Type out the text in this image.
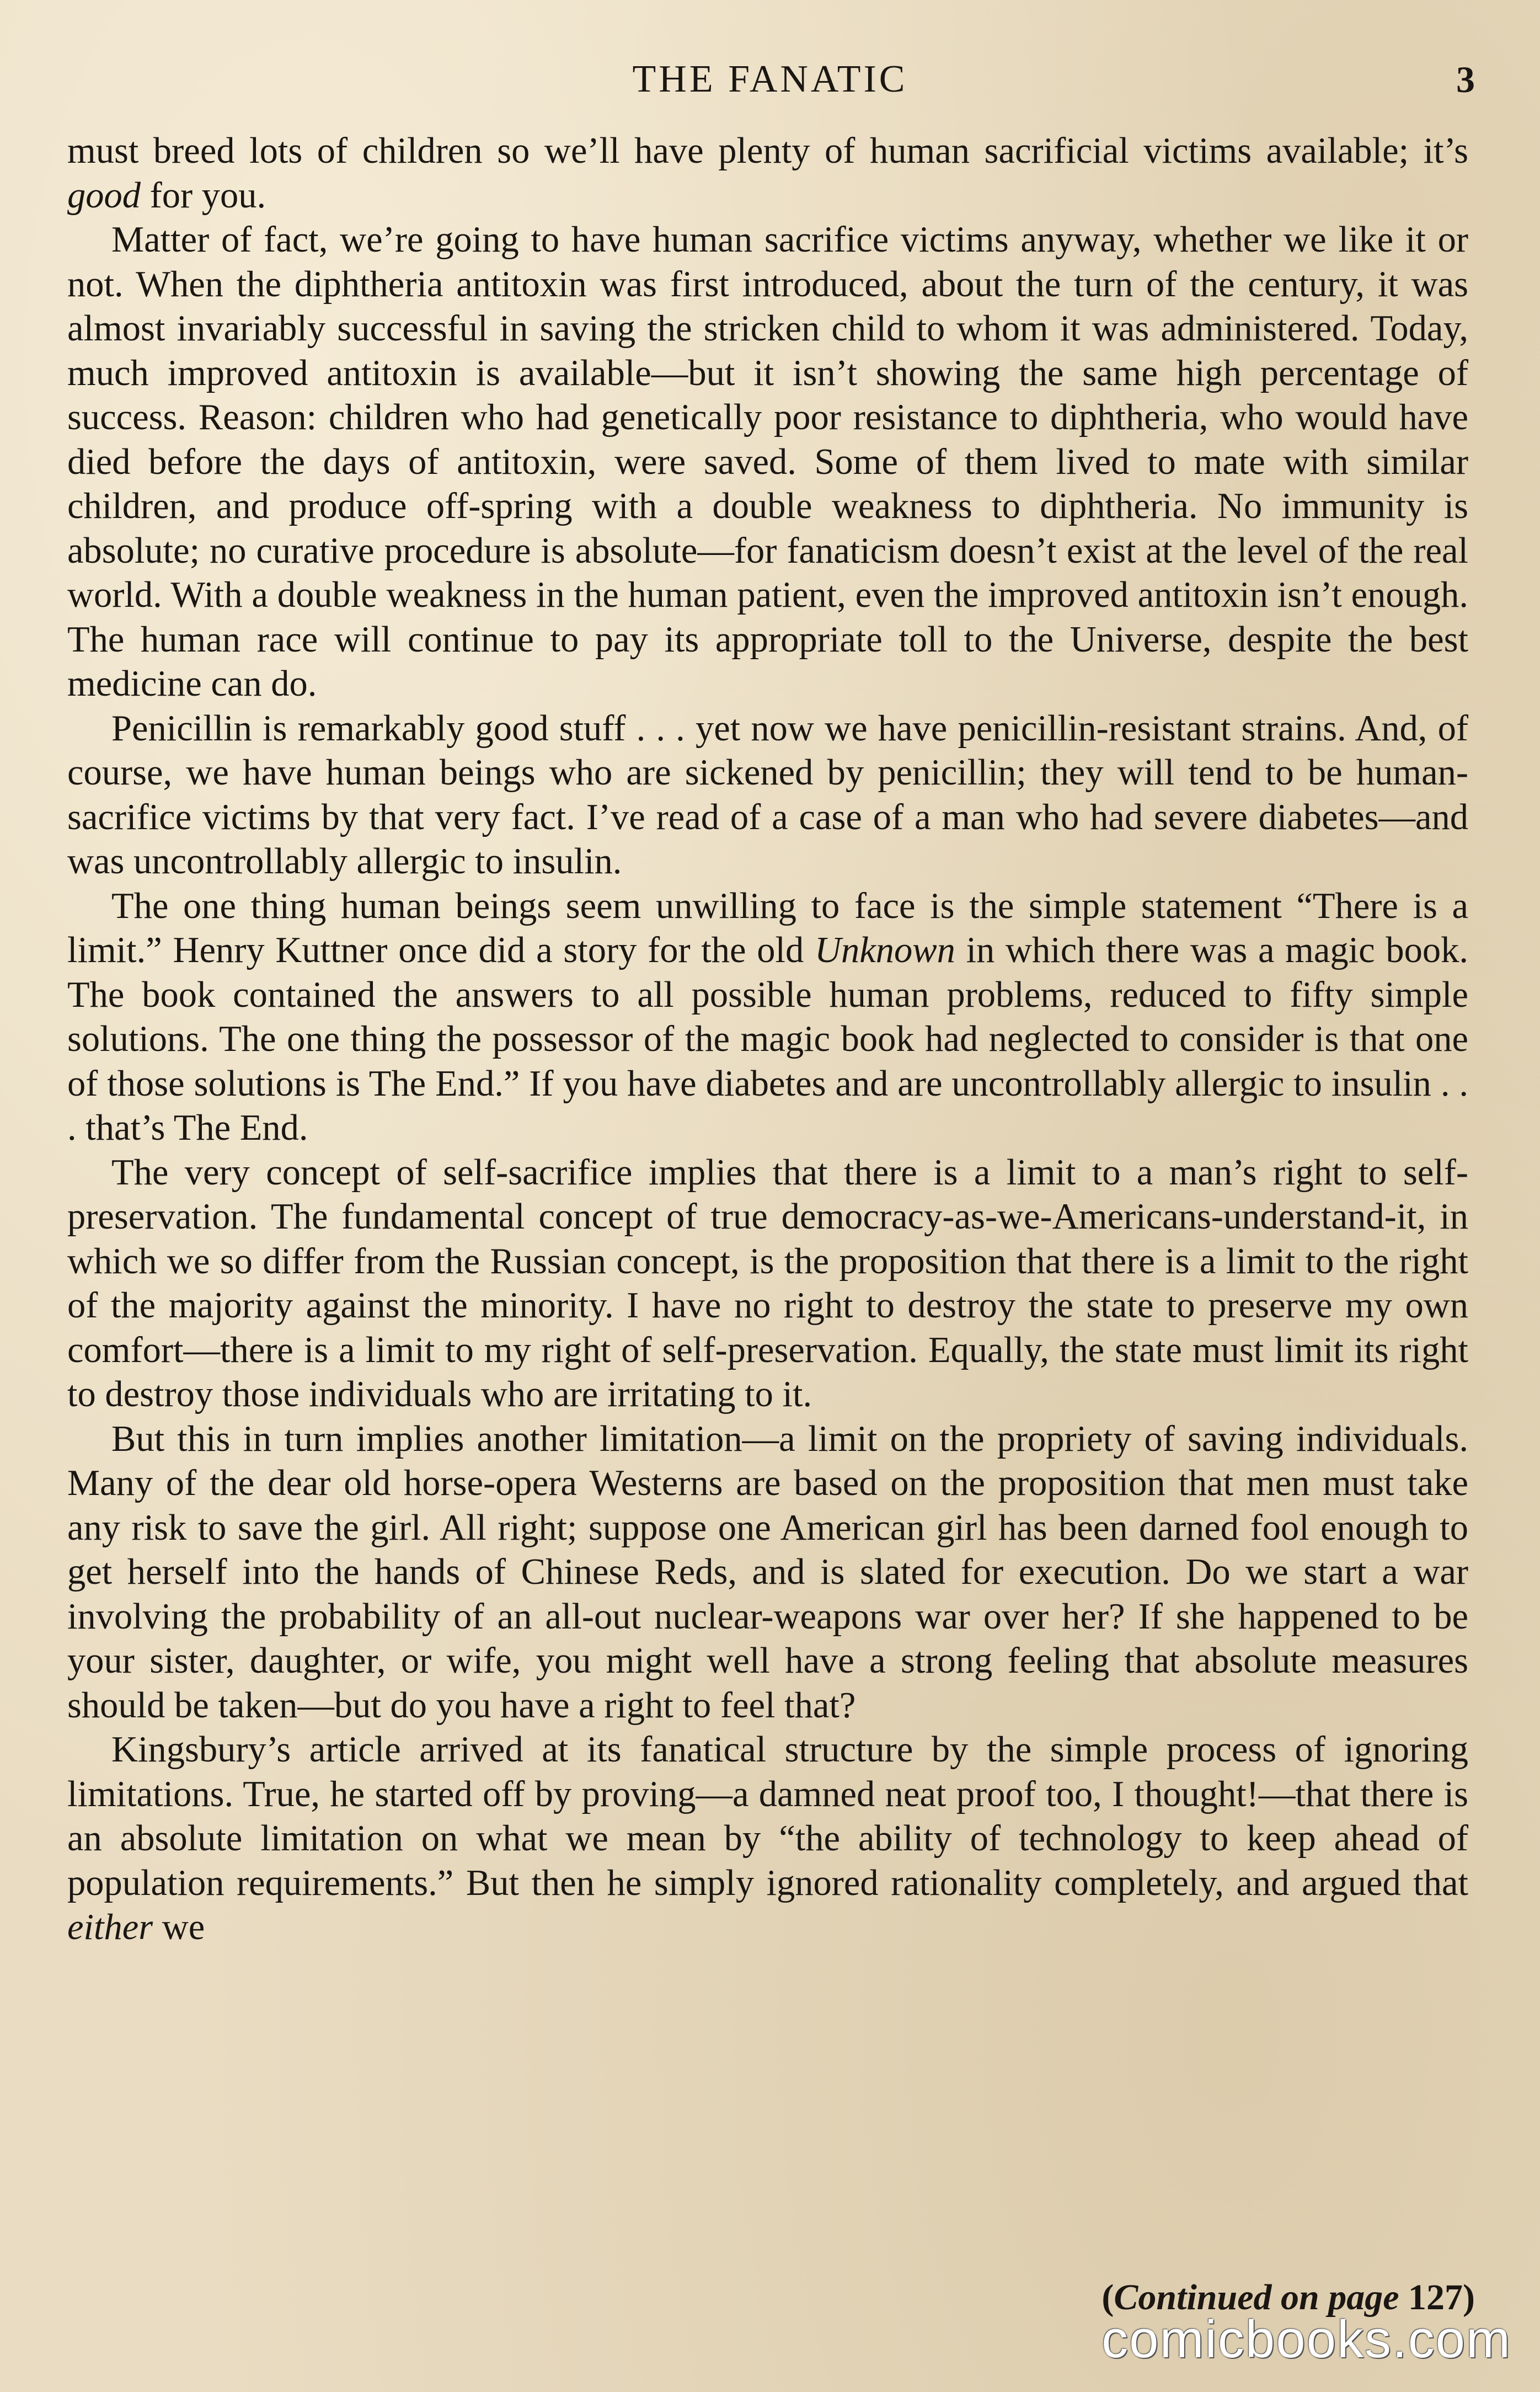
THE FANATIC	3

must breed lots of children so we’ll have plenty of human sacrificial victims available; it’s good for you.

Matter of fact, we’re going to have human sacrifice victims anyway, whether we like it or not. When the diphtheria antitoxin was first introduced, about the turn of the century, it was almost invariably successful in saving the stricken child to whom it was administered. Today, much improved antitoxin is available—but it isn’t showing the same high percentage of success. Reason: children who had genetically poor resistance to diphtheria, who would have died before the days of antitoxin, were saved. Some of them lived to mate with similar children, and produce off-spring with a double weakness to diphtheria. No immunity is absolute; no curative procedure is absolute—for fanaticism doesn’t exist at the level of the real world. With a double weakness in the human patient, even the improved antitoxin isn’t enough. The human race will continue to pay its appropriate toll to the Universe, despite the best medicine can do.

Penicillin is remarkably good stuff . . . yet now we have penicillin-resistant strains. And, of course, we have human beings who are sickened by penicillin; they will tend to be human-sacrifice victims by that very fact. I’ve read of a case of a man who had severe diabetes—and was uncontrollably allergic to insulin.

The one thing human beings seem unwilling to face is the simple statement “There is a limit.” Henry Kuttner once did a story for the old Unknown in which there was a magic book. The book contained the answers to all possible human problems, reduced to fifty simple solutions. The one thing the possessor of the magic book had neglected to consider is that one of those solutions is The End.” If you have diabetes and are uncontrollably allergic to insulin . . . that’s The End.

The very concept of self-sacrifice implies that there is a limit to a man’s right to self-preservation. The fundamental concept of true democracy-as-we-Americans-understand-it, in which we so differ from the Russian concept, is the proposition that there is a limit to the right of the majority against the minority. I have no right to destroy the state to preserve my own comfort—there is a limit to my right of self-preservation. Equally, the state must limit its right to destroy those individuals who are irritating to it.

But this in turn implies another limitation—a limit on the propriety of saving individuals. Many of the dear old horse-opera Westerns are based on the proposition that men must take any risk to save the girl. All right; suppose one American girl has been darned fool enough to get herself into the hands of Chinese Reds, and is slated for execution. Do we start a war involving the probability of an all-out nuclear-weapons war over her? If she happened to be your sister, daughter, or wife, you might well have a strong feeling that absolute measures should be taken—but do you have a right to feel that?

Kingsbury’s article arrived at its fanatical structure by the simple process of ignoring limitations. True, he started off by proving—a damned neat proof too, I thought!—that there is an absolute limitation on what we mean by “the ability of technology to keep ahead of population requirements.” But then he simply ignored rationality completely, and argued that either we

(Continued on page 127)
comicbooks.com
